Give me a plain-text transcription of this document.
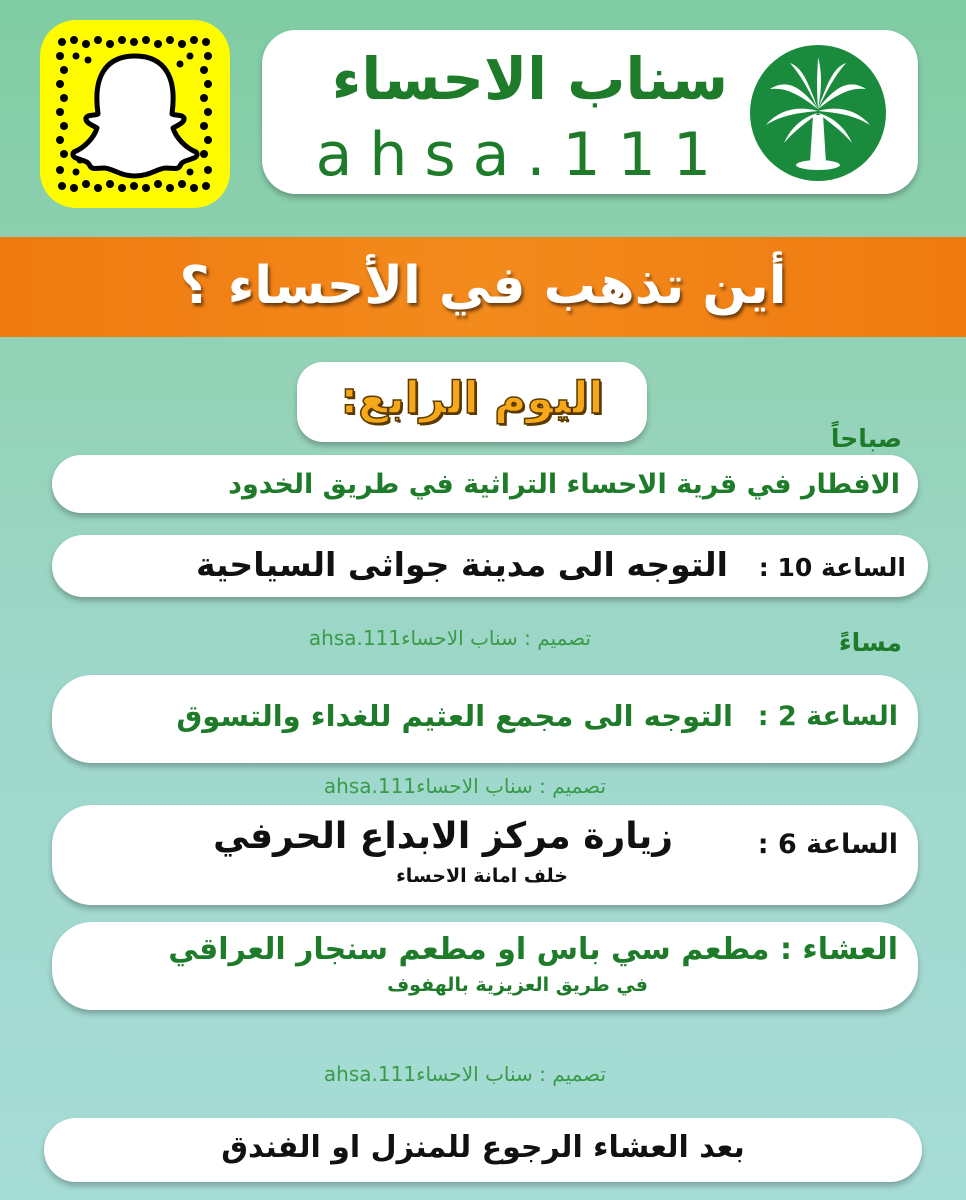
سناب الاحساء
ahsa.111
أين تذهب في الأحساء ؟
اليوم الرابع:
صباحاً
الافطار في قرية الاحساء التراثية في طريق الخدود
الساعة 10 :
التوجه الى مدينة جواثى السياحية
تصميم : سناب الاحساءahsa.111	مساءً
الساعة 2 :
التوجه الى مجمع العثيم للغداء والتسوق
تصميم : سناب الاحساءahsa.111
الساعة 6 :
زيارة مركز الابداع الحرفي
خلف امانة الاحساء
العشاء : مطعم سي باس او مطعم سنجار العراقي
في طريق العزيزية بالهفوف
تصميم : سناب الاحساءahsa.111
بعد العشاء الرجوع للمنزل او الفندق
